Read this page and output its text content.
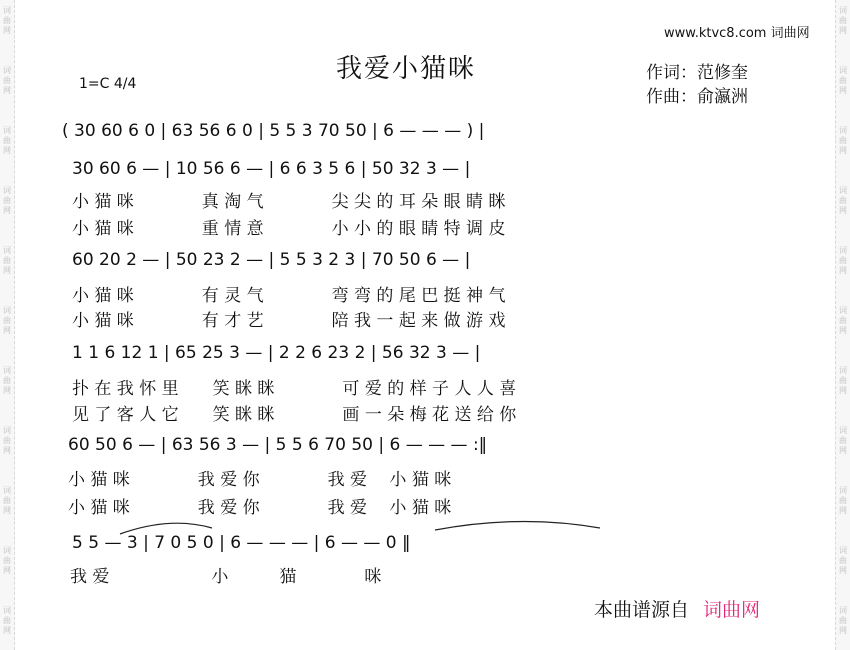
词
曲
网
词
曲
网
词
曲
网
词
曲
网
词
曲
网
词
曲
网
词
曲
网
词
曲
网
词
曲
网
词
曲
网
词
曲
网
词
曲
网
词
曲
网
词
曲
网
词
曲
网
词
曲
网
词
曲
网
词
曲
网
词
曲
网
词
曲
网
词
曲
网
词
曲
网
www.ktvc8.com 词曲网
我爱小猫咪	作词：范修奎
作曲：俞瀛洲
1=C 4/4
( 30 60 6 0 | 63 56 6 0 | 5 5 3 70 50 | 6 — — — ) |
30 60 6 — | 10 56 6 — | 6 6 3 5 6 | 50 32 3 — |
小 猫 咪　　　　真 淘 气　　　　尖 尖 的 耳 朵 眼 睛 眯
小 猫 咪　　　　重 情 意　　　　小 小 的 眼 睛 特 调 皮
60 20 2 — | 50 23 2 — | 5 5 3 2 3 | 70 50 6 — |
小 猫 咪　　　　有 灵 气　　　　弯 弯 的 尾 巴 挺 神 气
小 猫 咪　　　　有 才 艺　　　　陪 我 一 起 来 做 游 戏
1 1 6 12 1 | 65 25 3 — | 2 2 6 23 2 | 56 32 3 — |
扑 在 我 怀 里　　笑 眯 眯　　　　可 爱 的 样 子 人 人 喜
见 了 客 人 它　　笑 眯 眯　　　　画 一 朵 梅 花 送 给 你
60 50 6 — | 63 56 3 — | 5 5 6 70 50 | 6 — — — :‖
小 猫 咪　　　　我 爱 你　　　　我 爱　 小 猫 咪
小 猫 咪　　　　我 爱 你　　　　我 爱　 小 猫 咪
5 5 — 3 | 7 0 5 0 | 6 — — — | 6 — — 0 ‖
我 爱　　　　　　小　　　猫　　　　咪
本曲谱源自 词曲网
